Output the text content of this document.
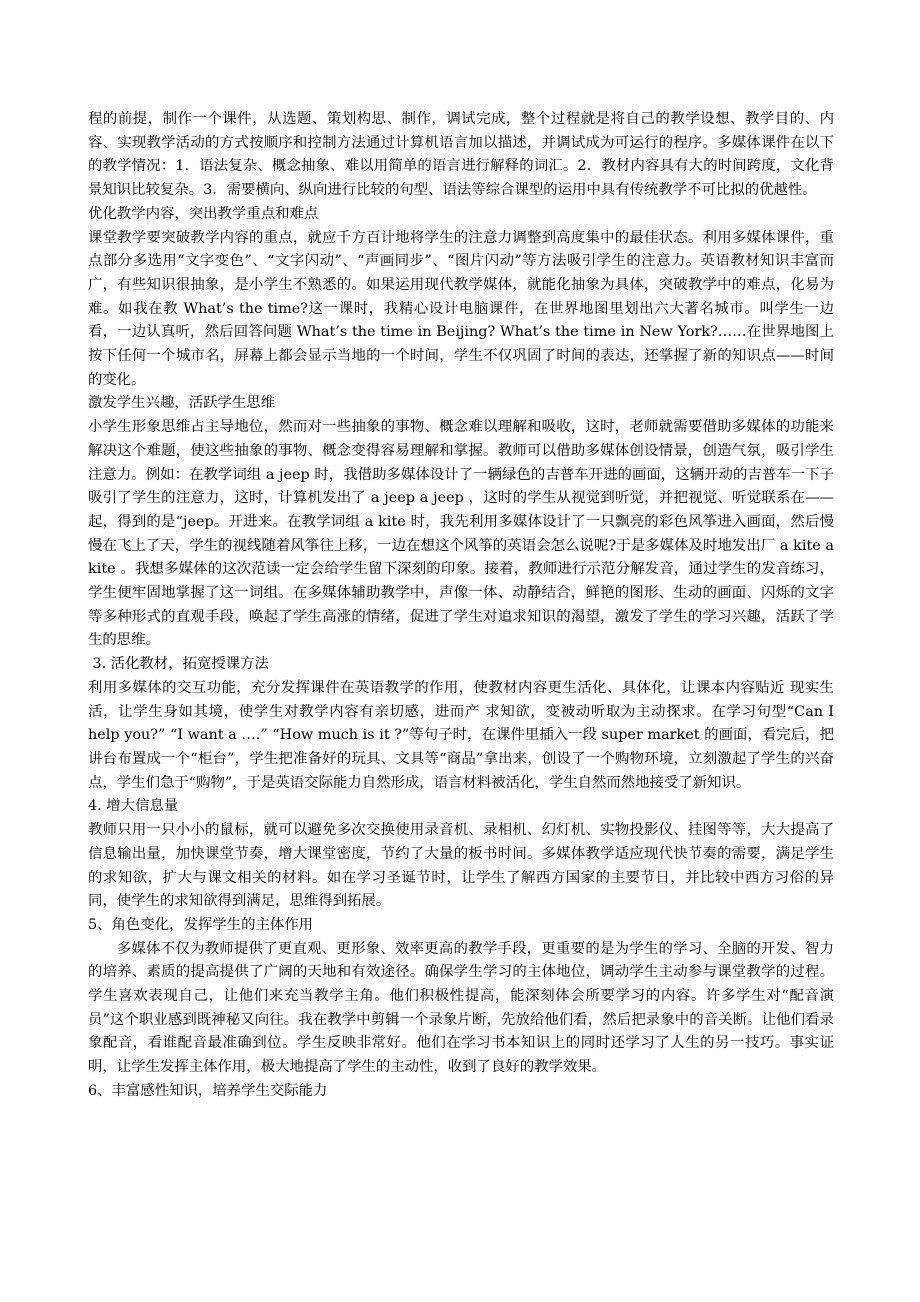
程的前提，制作一个课件，从选题、策划构思、制作，调试完成，整个过程就是将自己的教学设想、教学目的、内容、实现教学活动的方式按顺序和控制方法通过计算机语言加以描述，并调试成为可运行的程序。多媒体课件在以下的教学情况：1．语法复杂、概念抽象、难以用简单的语言进行解释的词汇。2．教材内容具有大的时间跨度，文化背景知识比较复杂。3．需要横向、纵向进行比较的句型、语法等综合课型的运用中具有传统教学不可比拟的优越性。

优化教学内容，突出教学重点和难点

课堂教学要突破教学内容的重点，就应千方百计地将学生的注意力调整到高度集中的最佳状态。利用多媒体课件，重点部分多选用“文字变色”、“文字闪动”、“声画同步”、“图片闪动”等方法吸引学生的注意力。英语教材知识丰富而广，有些知识很抽象，是小学生不熟悉的。如果运用现代教学媒体，就能化抽象为具体，突破教学中的难点，化易为难。如我在教 What’s the time?这一课时，我精心设计电脑课件，在世界地图里划出六大著名城市。叫学生一边看，一边认真听，然后回答问题 What’s the time in Beijing? What’s the time in New York?……在世界地图上按下任何一个城市名，屏幕上都会显示当地的一个时间，学生不仅巩固了时间的表达，还掌握了新的知识点——时间的变化。

激发学生兴趣，活跃学生思维

小学生形象思维占主导地位，然而对一些抽象的事物、概念难以理解和吸收，这时，老师就需要借助多媒体的功能来解决这个难题，使这些抽象的事物、概念变得容易理解和掌握。教师可以借助多媒体创设情景，创造气氛，吸引学生注意力。例如：在教学词组 a jeep 时，我借助多媒体设计了一辆绿色的吉普车开进的画面，这辆开动的吉普车一下子吸引了学生的注意力，这时，计算机发出了 a jeep a jeep ，这时的学生从视觉到听觉，并把视觉、听觉联系在——起，得到的是“jeep。开进来。在教学词组 a kite 时，我先利用多媒体设计了一只飘亮的彩色风筝进入画面，然后慢慢在飞上了天，学生的视线随着风筝往上移，一边在想这个风筝的英语会怎么说呢?于是多媒体及时地发出厂 a kite a kite 。我想多媒体的这次范读一定会给学生留下深刻的印象。接着，教师进行示范分解发音，通过学生的发音练习，学生便牢固地掌握了这一词组。在多媒体辅助教学中，声像一体、动静结合，鲜艳的图形、生动的画面、闪烁的文字等多种形式的直观手段，唤起了学生高涨的情绪，促进了学生对追求知识的渴望，激发了学生的学习兴趣，活跃了学生的思维。

3. 活化教材，拓宽授课方法

利用多媒体的交互功能，充分发挥课件在英语教学的作用，使教材内容更生活化、具体化，让课本内容贴近 现实生活，让学生身如其境，使学生对教学内容有亲切感，进而产 求知欲，变被动听取为主动探求。在学习句型“Can I help you?” “I want a ….” “How much is it ?”等句子时，在课件里插入一段 super market 的画面，看完后，把讲台布置成一个“柜台”，学生把准备好的玩具、文具等“商品”拿出来，创设了一个购物环境，立刻激起了学生的兴奋点，学生们急于“购物”，于是英语交际能力自然形成，语言材料被活化，学生自然而然地接受了新知识。

4. 增大信息量

教师只用一只小小的鼠标，就可以避免多次交换使用录音机、录相机、幻灯机、实物投影仪、挂图等等，大大提高了信息输出量，加快课堂节奏，增大课堂密度，节约了大量的板书时间。多媒体教学适应现代快节奏的需要，满足学生的求知欲，扩大与课文相关的材料。如在学习圣诞节时，让学生了解西方国家的主要节日，并比较中西方习俗的异同，使学生的求知欲得到满足，思维得到拓展。

5、角色变化，发挥学生的主体作用

多媒体不仅为教师提供了更直观、更形象、效率更高的教学手段，更重要的是为学生的学习、全脑的开发、智力的培养、素质的提高提供了广阔的天地和有效途径。确保学生学习的主体地位，调动学生主动参与课堂教学的过程。学生喜欢表现自己，让他们来充当教学主角。他们积极性提高，能深刻体会所要学习的内容。许多学生对“配音演员”这个职业感到既神秘又向往。我在教学中剪辑一个录象片断，先放给他们看，然后把录象中的音关断。让他们看录象配音，看谁配音最准确到位。学生反映非常好。他们在学习书本知识上的同时还学习了人生的另一技巧。事实证明，让学生发挥主体作用，极大地提高了学生的主动性，收到了良好的教学效果。

6、丰富感性知识，培养学生交际能力
